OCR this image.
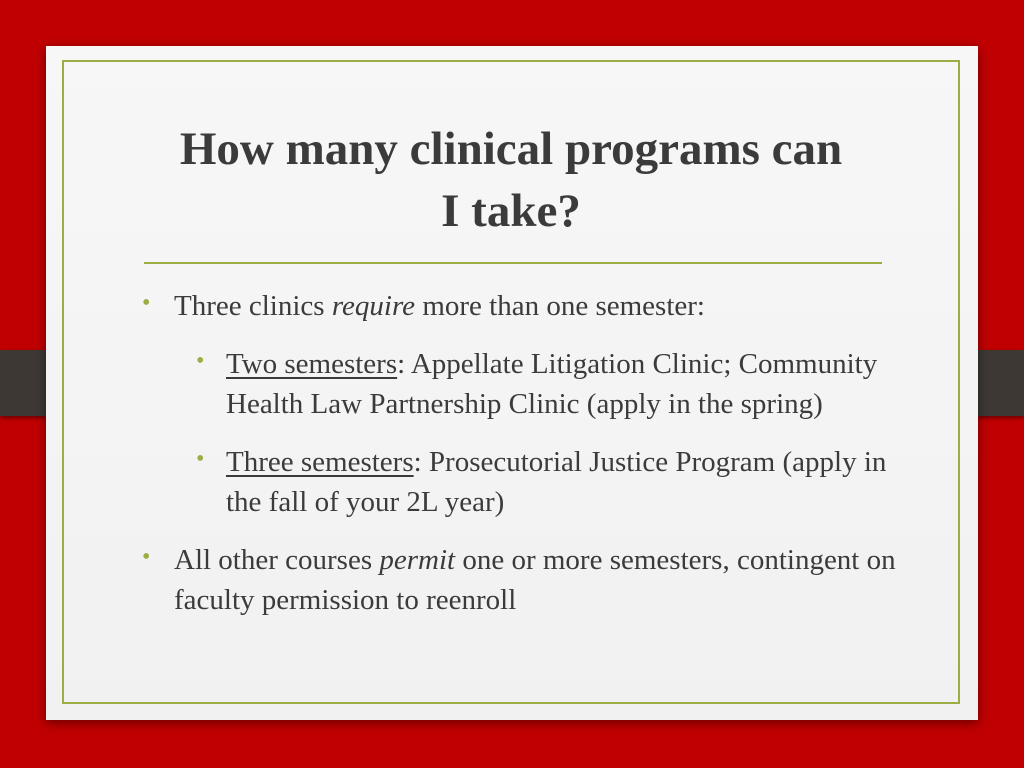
How many clinical programs can
I take?
• Three clinics require more than one semester:
• Two semesters: Appellate Litigation Clinic; Community Health Law Partnership Clinic (apply in the spring)
• Three semesters: Prosecutorial Justice Program (apply in the fall of your 2L year)
• All other courses permit one or more semesters, contingent on faculty permission to reenroll
